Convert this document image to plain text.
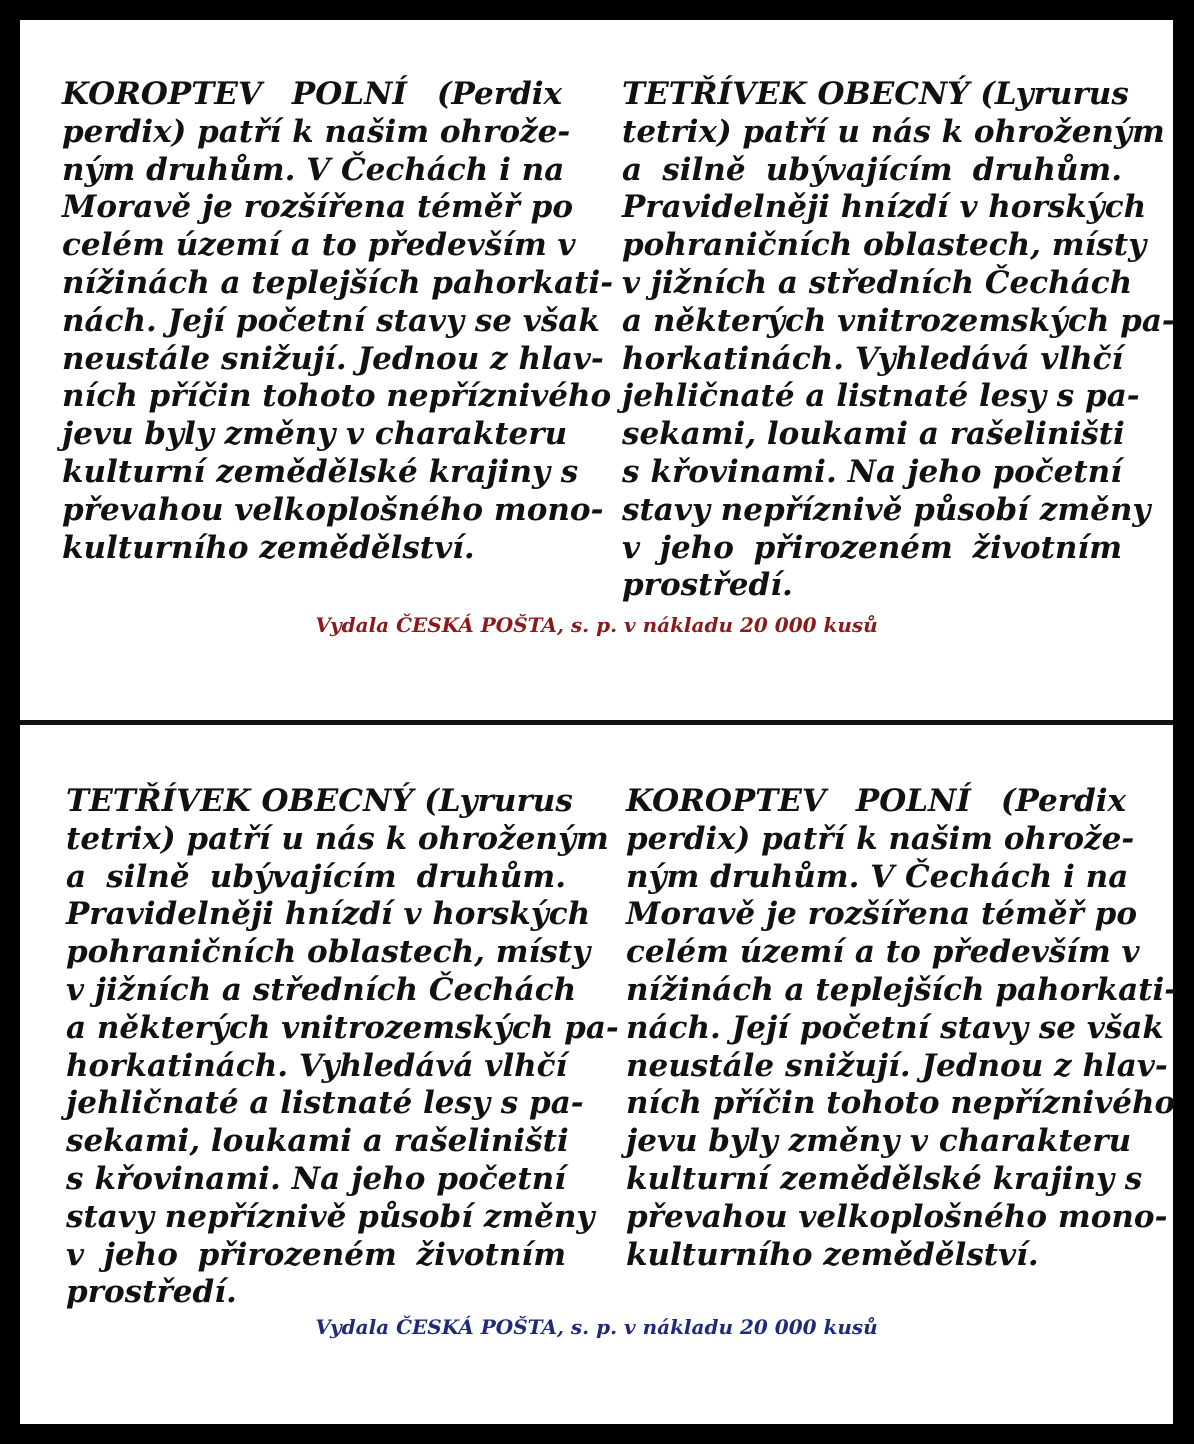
KOROPTEV POLNÍ (Perdix
perdix) patří k našim ohrože-
ným druhům. V Čechách i na
Moravě je rozšířena téměř po
celém území a to především v
nížinách a teplejších pahorkati-
nách. Její početní stavy se však
neustále snižují. Jednou z hlav-
ních příčin tohoto nepříznivého
jevu byly změny v charakteru
kulturní zemědělské krajiny s
převahou velkoplošného mono-
kulturního zemědělství.
TETŘÍVEK OBECNÝ (Lyrurus
tetrix) patří u nás k ohroženým
a silně ubývajícím druhům.
Pravidelněji hnízdí v horských
pohraničních oblastech, místy
v jižních a středních Čechách
a některých vnitrozemských pa-
horkatinách. Vyhledává vlhčí
jehličnaté a listnaté lesy s pa-
sekami, loukami a rašeliništi
s křovinami. Na jeho početní
stavy nepříznivě působí změny
v jeho přirozeném životním
prostředí.
Vydala ČESKÁ POŠTA, s. p. v nákladu 20 000 kusů
TETŘÍVEK OBECNÝ (Lyrurus
tetrix) patří u nás k ohroženým
a silně ubývajícím druhům.
Pravidelněji hnízdí v horských
pohraničních oblastech, místy
v jižních a středních Čechách
a některých vnitrozemských pa-
horkatinách. Vyhledává vlhčí
jehličnaté a listnaté lesy s pa-
sekami, loukami a rašeliništi
s křovinami. Na jeho početní
stavy nepříznivě působí změny
v jeho přirozeném životním
prostředí.
KOROPTEV POLNÍ (Perdix
perdix) patří k našim ohrože-
ným druhům. V Čechách i na
Moravě je rozšířena téměř po
celém území a to především v
nížinách a teplejších pahorkati-
nách. Její početní stavy se však
neustále snižují. Jednou z hlav-
ních příčin tohoto nepříznivého
jevu byly změny v charakteru
kulturní zemědělské krajiny s
převahou velkoplošného mono-
kulturního zemědělství.
Vydala ČESKÁ POŠTA, s. p. v nákladu 20 000 kusů
